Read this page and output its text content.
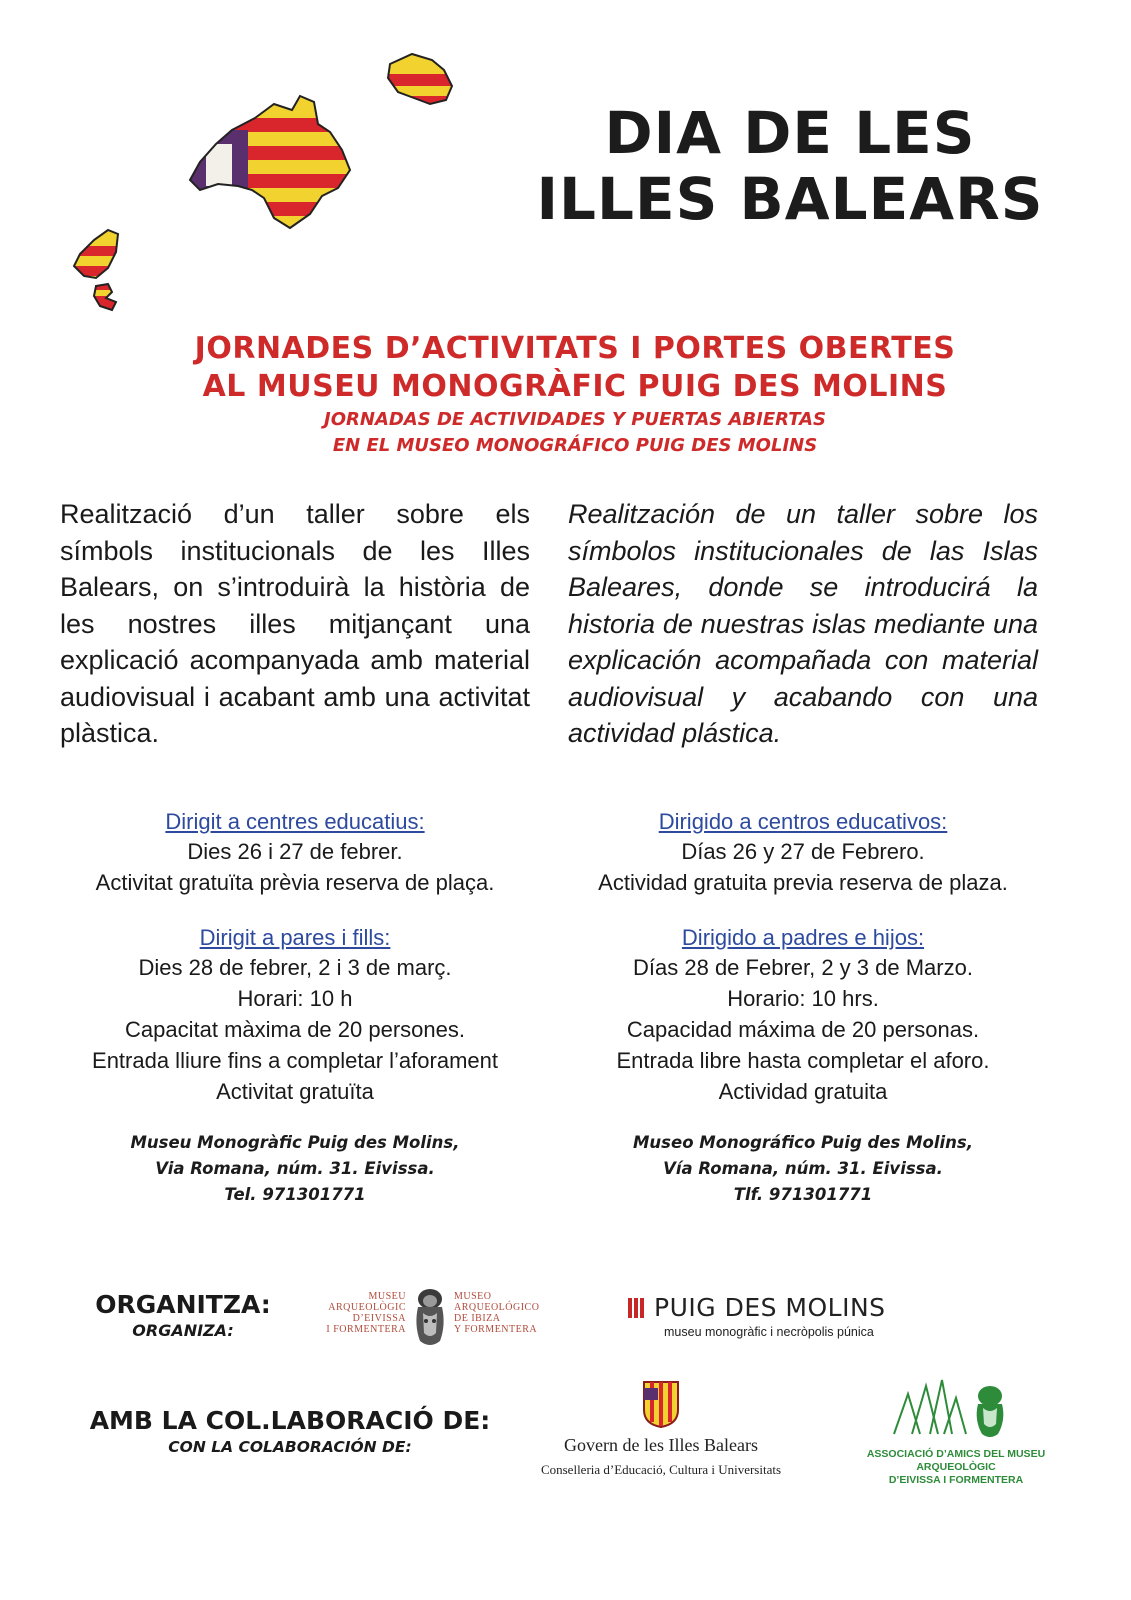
DIA DE LES
ILLES BALEARS
JORNADES D’ACTIVITATS I PORTES OBERTES
AL MUSEU MONOGRÀFIC PUIG DES MOLINS
JORNADAS DE ACTIVIDADES Y PUERTAS ABIERTAS
EN EL MUSEO MONOGRÁFICO PUIG DES MOLINS

Realització d’un taller sobre els símbols institucionals de les Illes Balears, on s’introduirà la història de les nostres illes mitjançant una explicació acompanyada amb material audiovisual i acabant amb una activitat plàstica.

Realitzación de un taller sobre los símbolos institucionales de las Islas Baleares, donde se introducirá la historia de nuestras islas mediante una explicación acompañada con material audiovisual y acabando con una actividad plástica.

Dirigit a centres educatius:
Dies 26 i 27 de febrer.
Activitat gratuïta prèvia reserva de plaça.
Dirigido a centros educativos:
Días 26 y 27 de Febrero.
Actividad gratuita previa reserva de plaza.
Dirigit a pares i fills:
Dies 28 de febrer, 2 i 3 de març.
Horari: 10 h
Capacitat màxima de 20 persones.
Entrada lliure fins a completar l’aforament
Activitat gratuïta
Dirigido a padres e hijos:
Días 28 de Febrer, 2 y 3 de Marzo.
Horario: 10 hrs.
Capacidad máxima de 20 personas.
Entrada libre hasta completar el aforo.
Actividad gratuita
Museu Monogràfic Puig des Molins,
Via Romana, núm. 31. Eivissa.
Tel. 971301771
Museo Monográfico Puig des Molins,
Vía Romana, núm. 31. Eivissa.
Tlf. 971301771
ORGANITZA:
ORGANIZA:
MUSEU
ARQUEOLÒGIC
D’EIVISSA
I FORMENTERA
MUSEO
ARQUEOLÓGICO
DE IBIZA
Y FORMENTERA
PUIG DES MOLINS
museu monogràfic i necròpolis púnica
AMB LA COL.LABORACIÓ DE:
CON LA COLABORACIÓN DE:	Govern de les Illes Balears
Conselleria d’Educació, Cultura i Universitats
ASSOCIACIÓ D’AMICS DEL MUSEU ARQUEOLÒGIC
D’EIVISSA I FORMENTERA
